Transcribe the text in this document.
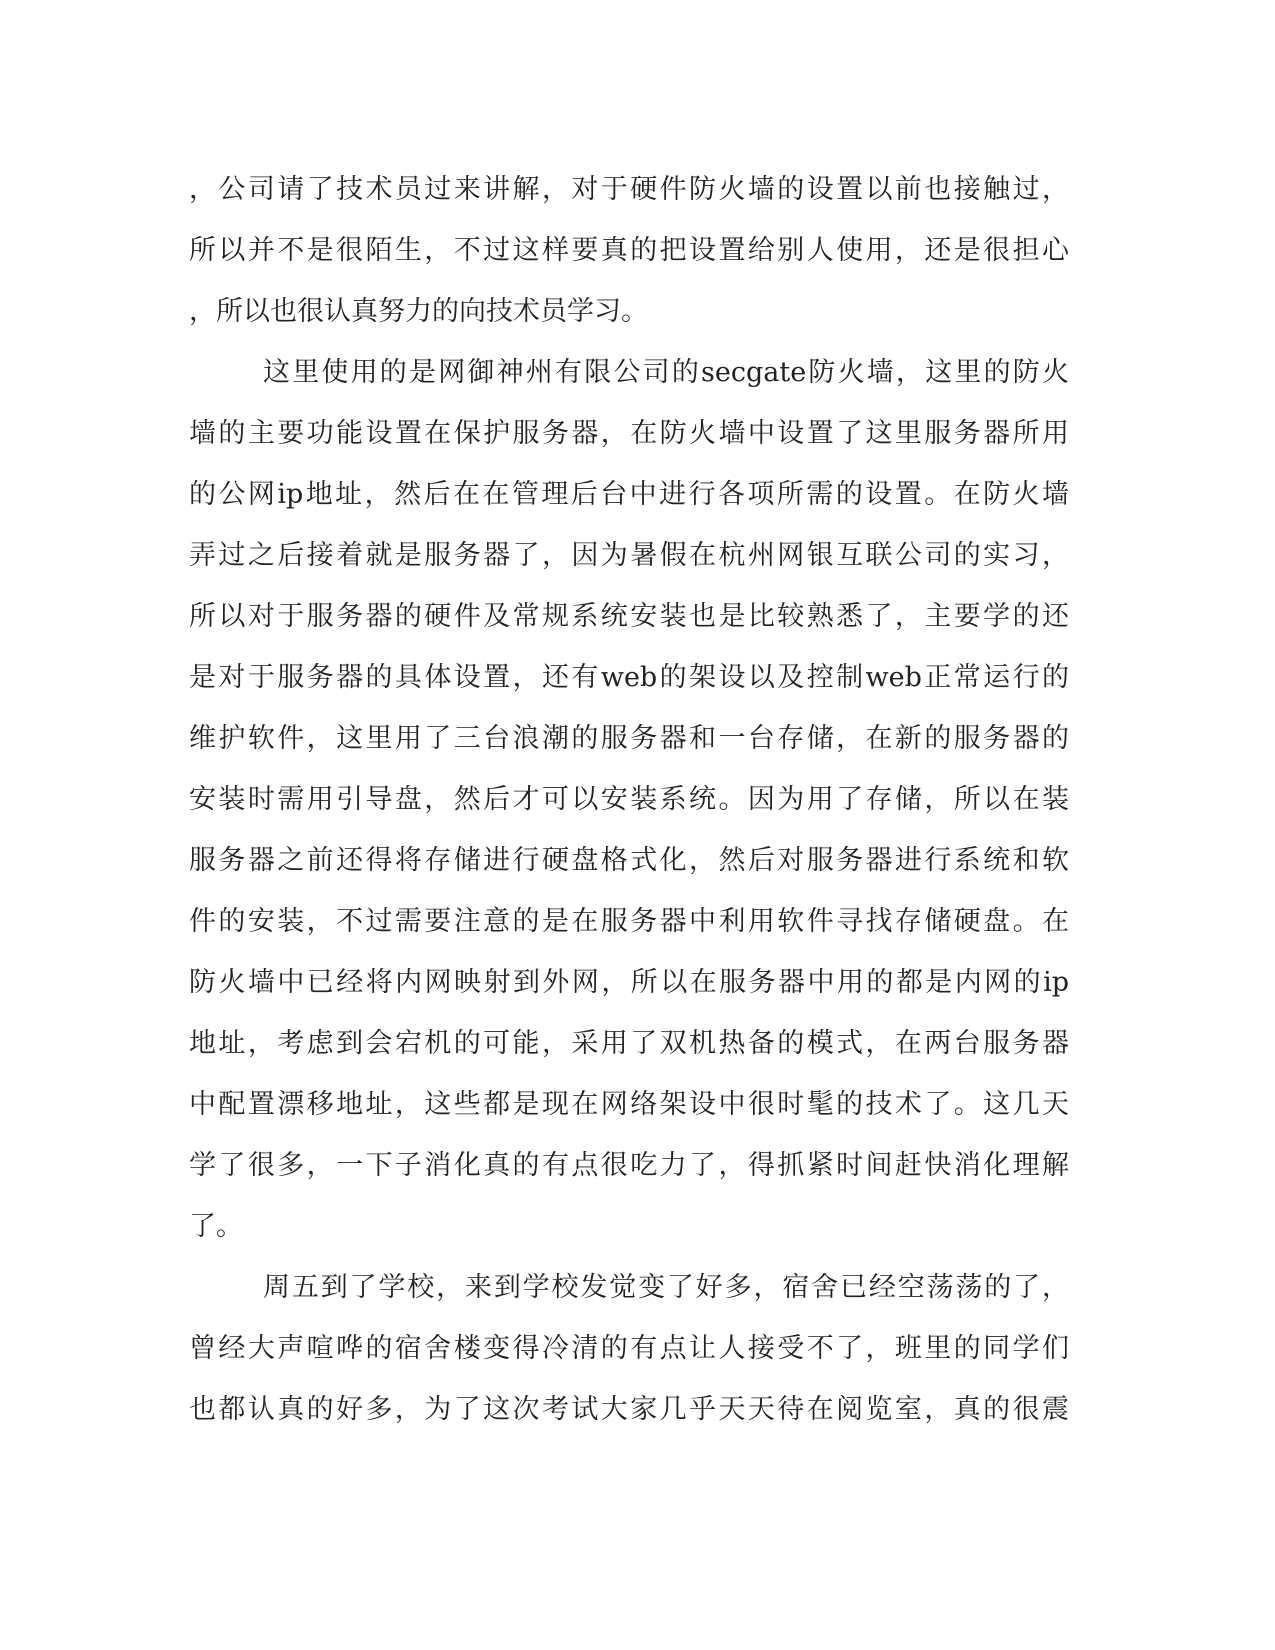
，公司请了技术员过来讲解，对于硬件防火墙的设置以前也接触过，
所以并不是很陌生，不过这样要真的把设置给别人使用，还是很担心
，所以也很认真努力的向技术员学习。
这里使用的是网御神州有限公司的secgate防火墙，这里的防火
墙的主要功能设置在保护服务器，在防火墙中设置了这里服务器所用
的公网ip地址，然后在在管理后台中进行各项所需的设置。在防火墙
弄过之后接着就是服务器了，因为暑假在杭州网银互联公司的实习，
所以对于服务器的硬件及常规系统安装也是比较熟悉了，主要学的还
是对于服务器的具体设置，还有web的架设以及控制web正常运行的
维护软件，这里用了三台浪潮的服务器和一台存储，在新的服务器的
安装时需用引导盘，然后才可以安装系统。因为用了存储，所以在装
服务器之前还得将存储进行硬盘格式化，然后对服务器进行系统和软
件的安装，不过需要注意的是在服务器中利用软件寻找存储硬盘。在
防火墙中已经将内网映射到外网，所以在服务器中用的都是内网的ip
地址，考虑到会宕机的可能，采用了双机热备的模式，在两台服务器
中配置漂移地址，这些都是现在网络架设中很时髦的技术了。这几天
学了很多，一下子消化真的有点很吃力了，得抓紧时间赶快消化理解
了。
周五到了学校，来到学校发觉变了好多，宿舍已经空荡荡的了，
曾经大声喧哗的宿舍楼变得冷清的有点让人接受不了，班里的同学们
也都认真的好多，为了这次考试大家几乎天天待在阅览室，真的很震
